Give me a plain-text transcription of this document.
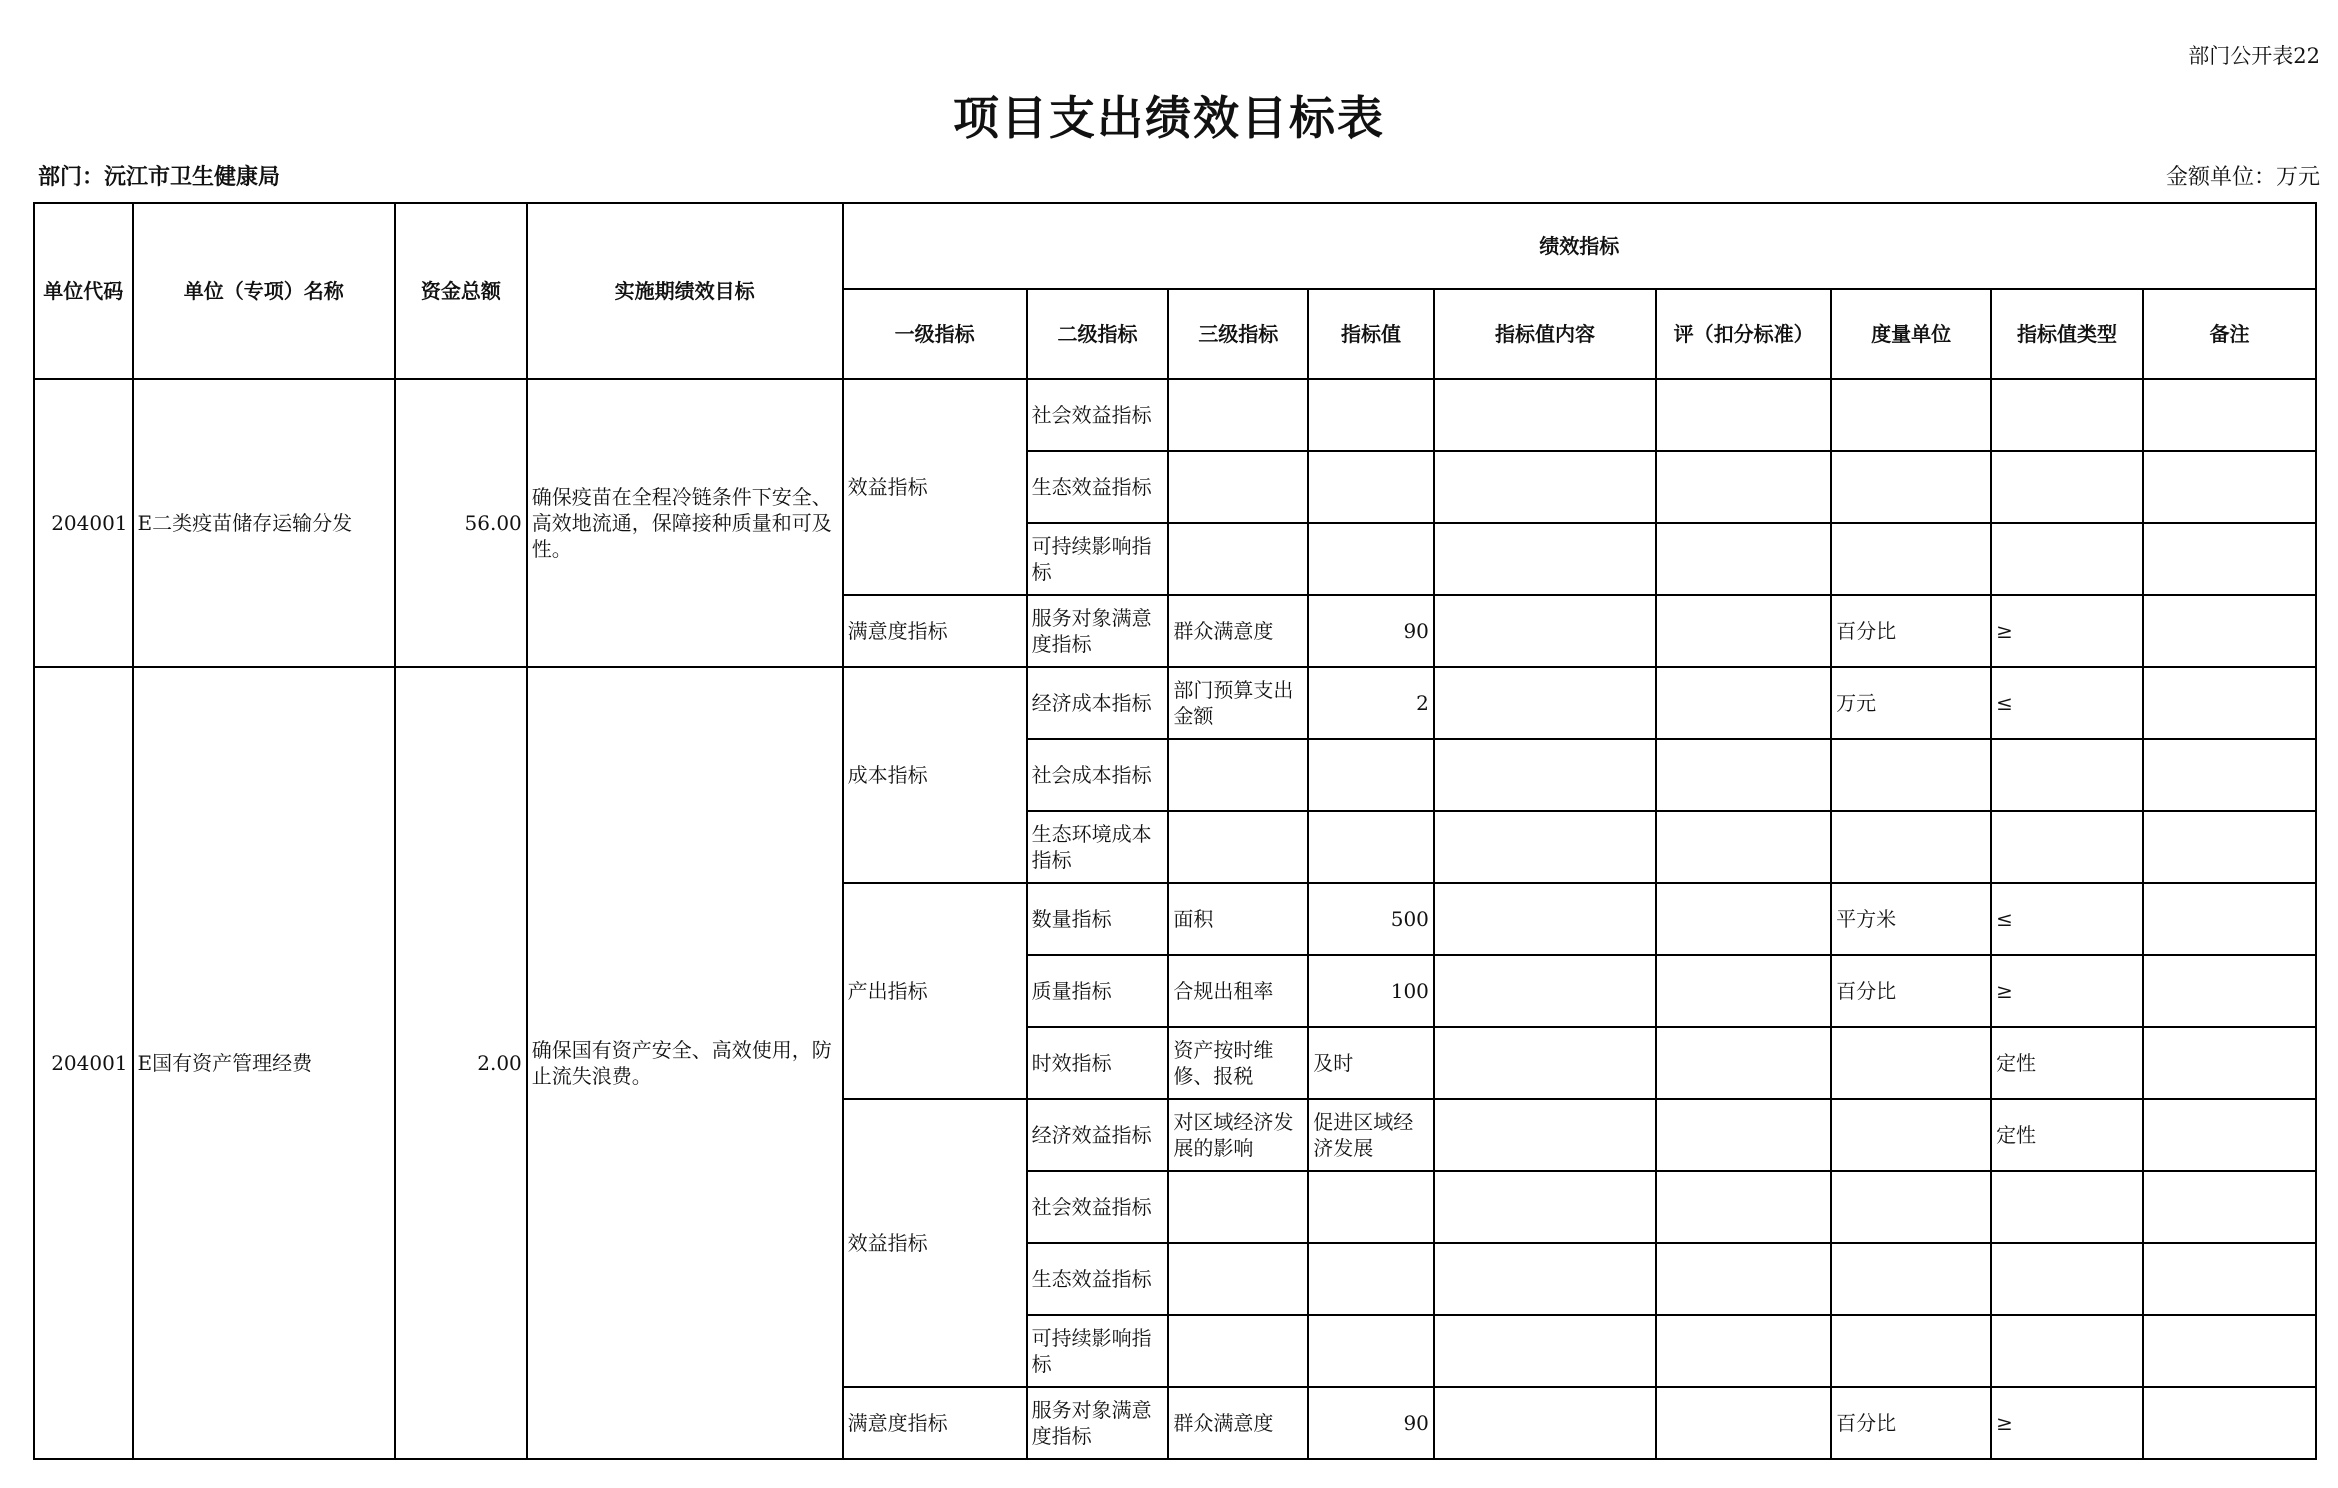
部门公开表22
项目支出绩效目标表
部门：沅江市卫生健康局	金额单位：万元
单位代码	单位（专项）名称	资金总额	实施期绩效目标	绩效指标								
				一级指标	二级指标	三级指标	指标值	指标值内容	评（扣分标准）	度量单位	指标值类型	备注
204001	E二类疫苗储存运输分发	56.00	确保疫苗在全程冷链条件下安全、高效地流通，保障接种质量和可及性。	效益指标	社会效益指标							
					生态效益指标							
					可持续影响指标							
				满意度指标	服务对象满意度指标	群众满意度	90			百分比	≥	
204001	E国有资产管理经费	2.00	确保国有资产安全、高效使用，防止流失浪费。	成本指标	经济成本指标	部门预算支出金额	2			万元	≤	
					社会成本指标							
					生态环境成本指标							
				产出指标	数量指标	面积	500			平方米	≤	
					质量指标	合规出租率	100			百分比	≥	
					时效指标	资产按时维修、报税	及时				定性	
				效益指标	经济效益指标	对区域经济发展的影响	促进区域经济发展				定性	
					社会效益指标							
					生态效益指标							
					可持续影响指标							
				满意度指标	服务对象满意度指标	群众满意度	90			百分比	≥	
